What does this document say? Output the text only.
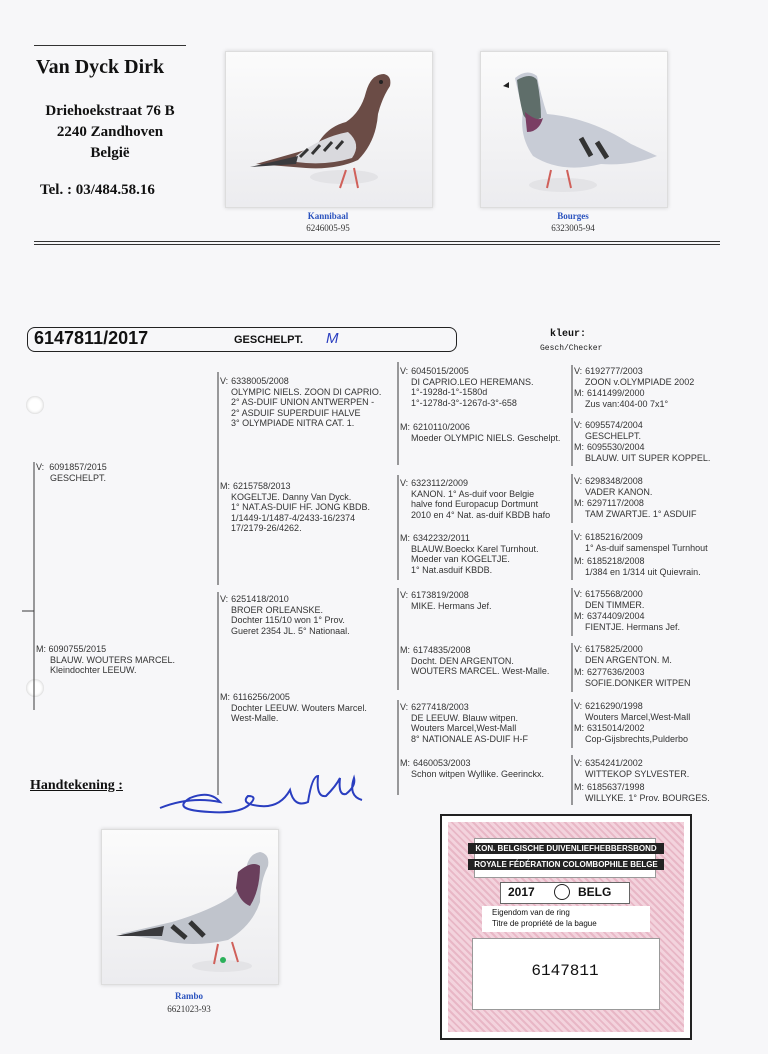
Van Dyck Dirk
Driehoekstraat 76 B
2240 Zandhoven
België
Tel. : 03/484.58.16
Kannibaal
6246005-95
Bourges
6323005-94
6147811/2017	GESCHELPT. M	kleur:
Gesch/Checker
V: 6091857/2015
GESCHELPT.
M: 6090755/2015
BLAUW. WOUTERS MARCEL.
Kleindochter LEEUW.
V: 6338005/2008
OLYMPIC NIELS. ZOON DI CAPRIO.
2° AS-DUIF UNION ANTWERPEN -
2° ASDUIF SUPERDUIF HALVE
3° OLYMPIADE NITRA CAT. 1.
M: 6215758/2013
KOGELTJE. Danny Van Dyck.
1° NAT.AS-DUIF HF. JONG KBDB.
1/1449-1/1487-4/2433-16/2374
17/2179-26/4262.
V: 6251418/2010
BROER ORLEANSKE.
Dochter 115/10 won 1° Prov.
Gueret 2354 JL. 5° Nationaal.
M: 6116256/2005
Dochter LEEUW. Wouters Marcel.
West-Malle.
V: 6045015/2005
DI CAPRIO.LEO HEREMANS.
1°-1928d-1°-1580d
1°-1278d-3°-1267d-3°-658
M: 6210110/2006
Moeder OLYMPIC NIELS. Geschelpt.
V: 6323112/2009
KANON. 1° As-duif voor Belgie
halve fond Europacup Dortmunt
2010 en 4° Nat. as-duif KBDB hafo
M: 6342232/2011
BLAUW.Boeckx Karel Turnhout.
Moeder van KOGELTJE.
1° Nat.asduif KBDB.
V: 6173819/2008
MIKE. Hermans Jef.
M: 6174835/2008
Docht. DEN ARGENTON.
WOUTERS MARCEL. West-Malle.
V: 6277418/2003
DE LEEUW. Blauw witpen.
Wouters Marcel,West-Mall
8° NATIONALE AS-DUIF H-F
M: 6460053/2003
Schon witpen Wyllike. Geerinckx.
V: 6192777/2003
ZOON v.OLYMPIADE 2002
M: 6141499/2000
Zus van:404-00 7x1°
V: 6095574/2004
GESCHELPT.
M: 6095530/2004
BLAUW. UIT SUPER KOPPEL.
V: 6298348/2008
VADER KANON.
M: 6297117/2008
TAM ZWARTJE. 1° ASDUIF
V: 6185216/2009
1° As-duif samenspel Turnhout
M: 6185218/2008
1/384 en 1/314 uit Quievrain.
V: 6175568/2000
DEN TIMMER.
M: 6374409/2004
FIENTJE. Hermans Jef.
V: 6175825/2000
DEN ARGENTON. M.
M: 6277636/2003
SOFIE.DONKER WITPEN
V: 6216290/1998
Wouters Marcel,West-Mall
M: 6315014/2002
Cop-Gijsbrechts,Pulderbo
V: 6354241/2002
WITTEKOP SYLVESTER.
M: 6185637/1998
WILLYKE. 1° Prov. BOURGES.
Handtekening :
Rambo
6621023-93
KON. BELGISCHE DUIVENLIEFHEBBERSBOND
ROYALE FÉDÉRATION COLOMBOPHILE BELGE
2017	BELG
Eigendom van de ring
Titre de propriété de la bague
6147811
